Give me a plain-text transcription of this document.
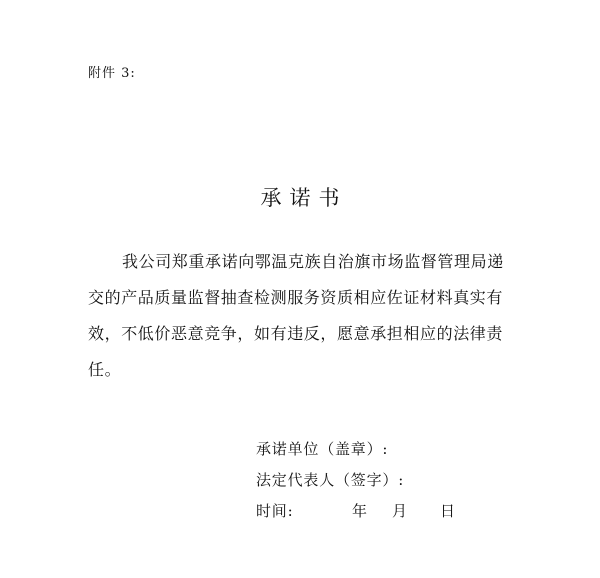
附件 3:
承诺书

我公司郑重承诺向鄂温克族自治旗市场监督管理局递

交的产品质量监督抽查检测服务资质相应佐证材料真实有

效，不低价恶意竞争，如有违反，愿意承担相应的法律责任。

承诺单位（盖章）:
法定代表人（签字）:
时间:	年 月 日
